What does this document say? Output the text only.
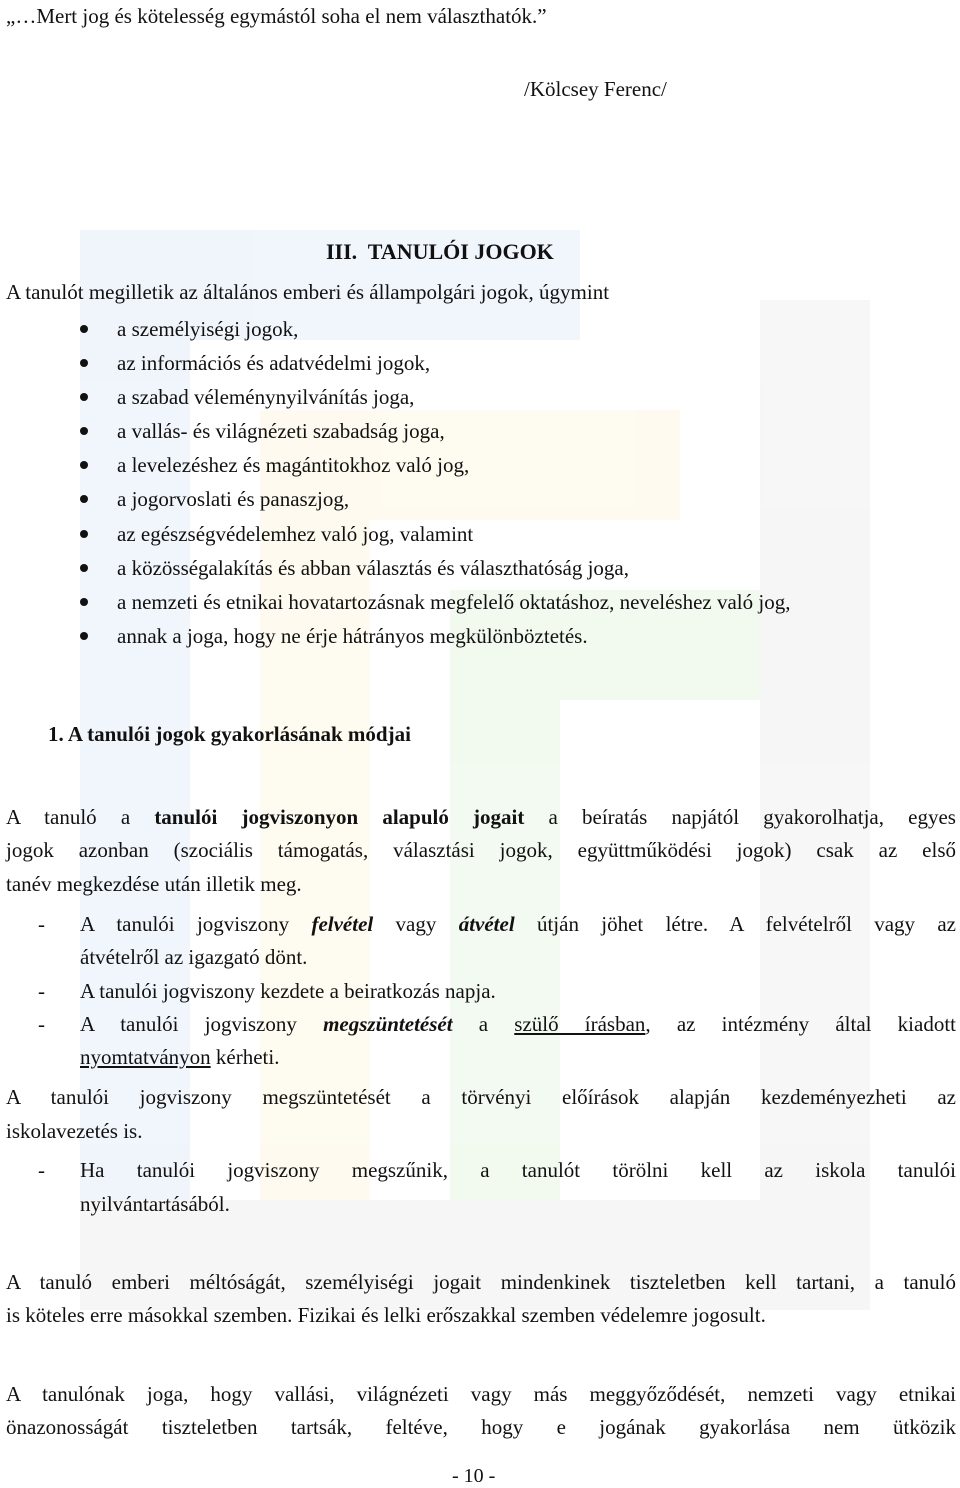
„…Mert jog és kötelesség egymástól soha el nem választhatók.”
/Kölcsey Ferenc/
III.  TANULÓI JOGOK
A tanulót megilletik az általános emberi és állampolgári jogok, úgymint
a személyiségi jogok,
az információs és adatvédelmi jogok,
a szabad véleménynyilvánítás joga,
a vallás- és világnézeti szabadság joga,
a levelezéshez és magántitokhoz való jog,
a jogorvoslati és panaszjog,
az egészségvédelemhez való jog, valamint
a közösségalakítás és abban választás és választhatóság joga,
a nemzeti és etnikai hovatartozásnak megfelelő oktatáshoz, neveléshez való jog,
annak a joga, hogy ne érje hátrányos megkülönböztetés.
1. A tanulói jogok gyakorlásának módjai
A tanuló a tanulói jogviszonyon alapuló jogait a beíratás napjától gyakorolhatja, egyes
jogok azonban (szociális támogatás, választási jogok, együttműködési jogok) csak az első
tanév megkezdése után illetik meg.
- A tanulói jogviszony felvétel vagy átvétel útján jöhet létre. A felvételről vagy az
átvételről az igazgató dönt.
- A tanulói jogviszony kezdete a beiratkozás napja.
- A tanulói jogviszony megszüntetését a szülő írásban, az intézmény által kiadott
nyomtatványon kérheti.
A tanulói jogviszony megszüntetését a törvényi előírások alapján kezdeményezheti az
iskolavezetés is.
- Ha tanulói jogviszony megszűnik, a tanulót törölni kell az iskola tanulói
nyilvántartásából.
A tanuló emberi méltóságát, személyiségi jogait mindenkinek tiszteletben kell tartani, a tanuló
is köteles erre másokkal szemben. Fizikai és lelki erőszakkal szemben védelemre jogosult.
A tanulónak joga, hogy vallási, világnézeti vagy más meggyőződését, nemzeti vagy etnikai
önazonosságát tiszteletben tartsák, feltéve, hogy e jogának gyakorlása nem ütközik
- 10 -
